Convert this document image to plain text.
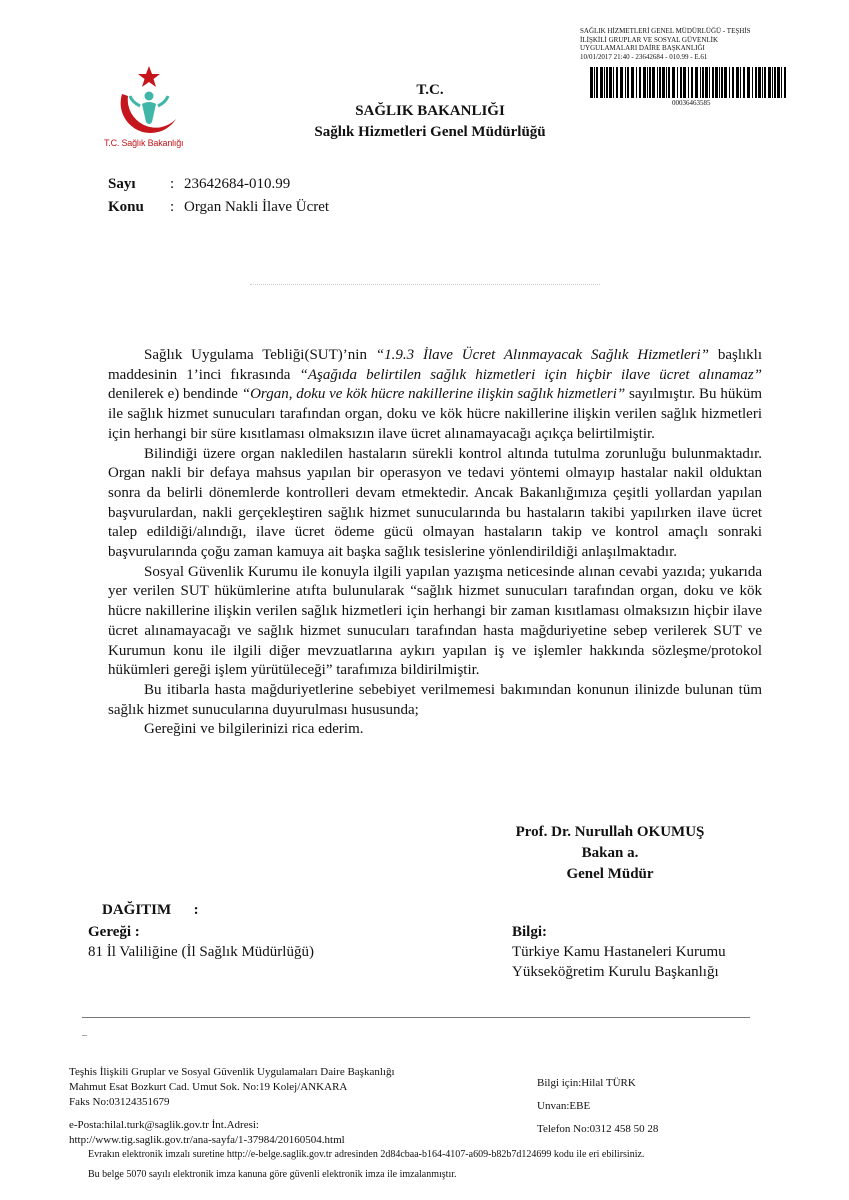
T.C. Sağlık Bakanlığı
T.C.
SAĞLIK BAKANLIĞI
Sağlık Hizmetleri Genel Müdürlüğü
SAĞLIK HİZMETLERİ GENEL MÜDÜRLÜĞÜ - TEŞHİS
İLİŞKİLİ GRUPLAR VE SOSYAL GÜVENLİK
UYGULAMALARI DAİRE BAŞKANLIĞI
10/01/2017 21:40 - 23642684 - 010.99 - E.61
00036463585
Sayı	: 23642684-010.99
Konu	: Organ Nakli İlave Ücret

Sağlık Uygulama Tebliği(SUT)’nin “1.9.3 İlave Ücret Alınmayacak Sağlık Hizmetleri” başlıklı maddesinin 1’inci fıkrasında “Aşağıda belirtilen sağlık hizmetleri için hiçbir ilave ücret alınamaz” denilerek e) bendinde “Organ, doku ve kök hücre nakillerine ilişkin sağlık hizmetleri” sayılmıştır. Bu hüküm ile sağlık hizmet sunucuları tarafından organ, doku ve kök hücre nakillerine ilişkin verilen sağlık hizmetleri için herhangi bir süre kısıtlaması olmaksızın ilave ücret alınamayacağı açıkça belirtilmiştir.

Bilindiği üzere organ nakledilen hastaların sürekli kontrol altında tutulma zorunluğu bulunmaktadır. Organ nakli bir defaya mahsus yapılan bir operasyon ve tedavi yöntemi olmayıp hastalar nakil olduktan sonra da belirli dönemlerde kontrolleri devam etmektedir. Ancak Bakanlığımıza çeşitli yollardan yapılan başvurulardan, nakli gerçekleştiren sağlık hizmet sunucularında bu hastaların takibi yapılırken ilave ücret talep edildiği/alındığı, ilave ücret ödeme gücü olmayan hastaların takip ve kontrol amaçlı sonraki başvurularında çoğu zaman kamuya ait başka sağlık tesislerine yönlendirildiği anlaşılmaktadır.

Sosyal Güvenlik Kurumu ile konuyla ilgili yapılan yazışma neticesinde alınan cevabi yazıda; yukarıda yer verilen SUT hükümlerine atıfta bulunularak “sağlık hizmet sunucuları tarafından organ, doku ve kök hücre nakillerine ilişkin verilen sağlık hizmetleri için herhangi bir zaman kısıtlaması olmaksızın hiçbir ilave ücret alınamayacağı ve sağlık hizmet sunucuları tarafından hasta mağduriyetine sebep verilerek SUT ve Kurumun konu ile ilgili diğer mevzuatlarına aykırı yapılan iş ve işlemler hakkında sözleşme/protokol hükümleri gereği işlem yürütüleceği” tarafımıza bildirilmiştir.

Bu itibarla hasta mağduriyetlerine sebebiyet verilmemesi bakımından konunun ilinizde bulunan tüm sağlık hizmet sunucularına duyurulması hususunda;

Gereğini ve bilgilerinizi rica ederim.

Prof. Dr. Nurullah OKUMUŞ
Bakan a.
Genel Müdür
DAĞITIM      :
Gereği :
81 İl Valiliğine (İl Sağlık Müdürlüğü)
Bilgi:
Türkiye Kamu Hastaneleri Kurumu
Yükseköğretim Kurulu Başkanlığı
_
Teşhis İlişkili Gruplar ve Sosyal Güvenlik Uygulamaları Daire Başkanlığı
Mahmut Esat Bozkurt Cad. Umut Sok. No:19 Kolej/ANKARA
Faks No:03124351679
e-Posta:hilal.turk@saglik.gov.tr İnt.Adresi:
http://www.tig.saglik.gov.tr/ana-sayfa/1-37984/20160504.html
Bilgi için:Hilal TÜRK
Unvan:EBE
Telefon No:0312 458 50 28
Evrakın elektronik imzalı suretine http://e-belge.saglik.gov.tr adresinden 2d84cbaa-b164-4107-a609-b82b7d124699 kodu ile eri ebilirsiniz.
Bu belge 5070 sayılı elektronik imza kanuna göre güvenli elektronik imza ile imzalanmıştır.
